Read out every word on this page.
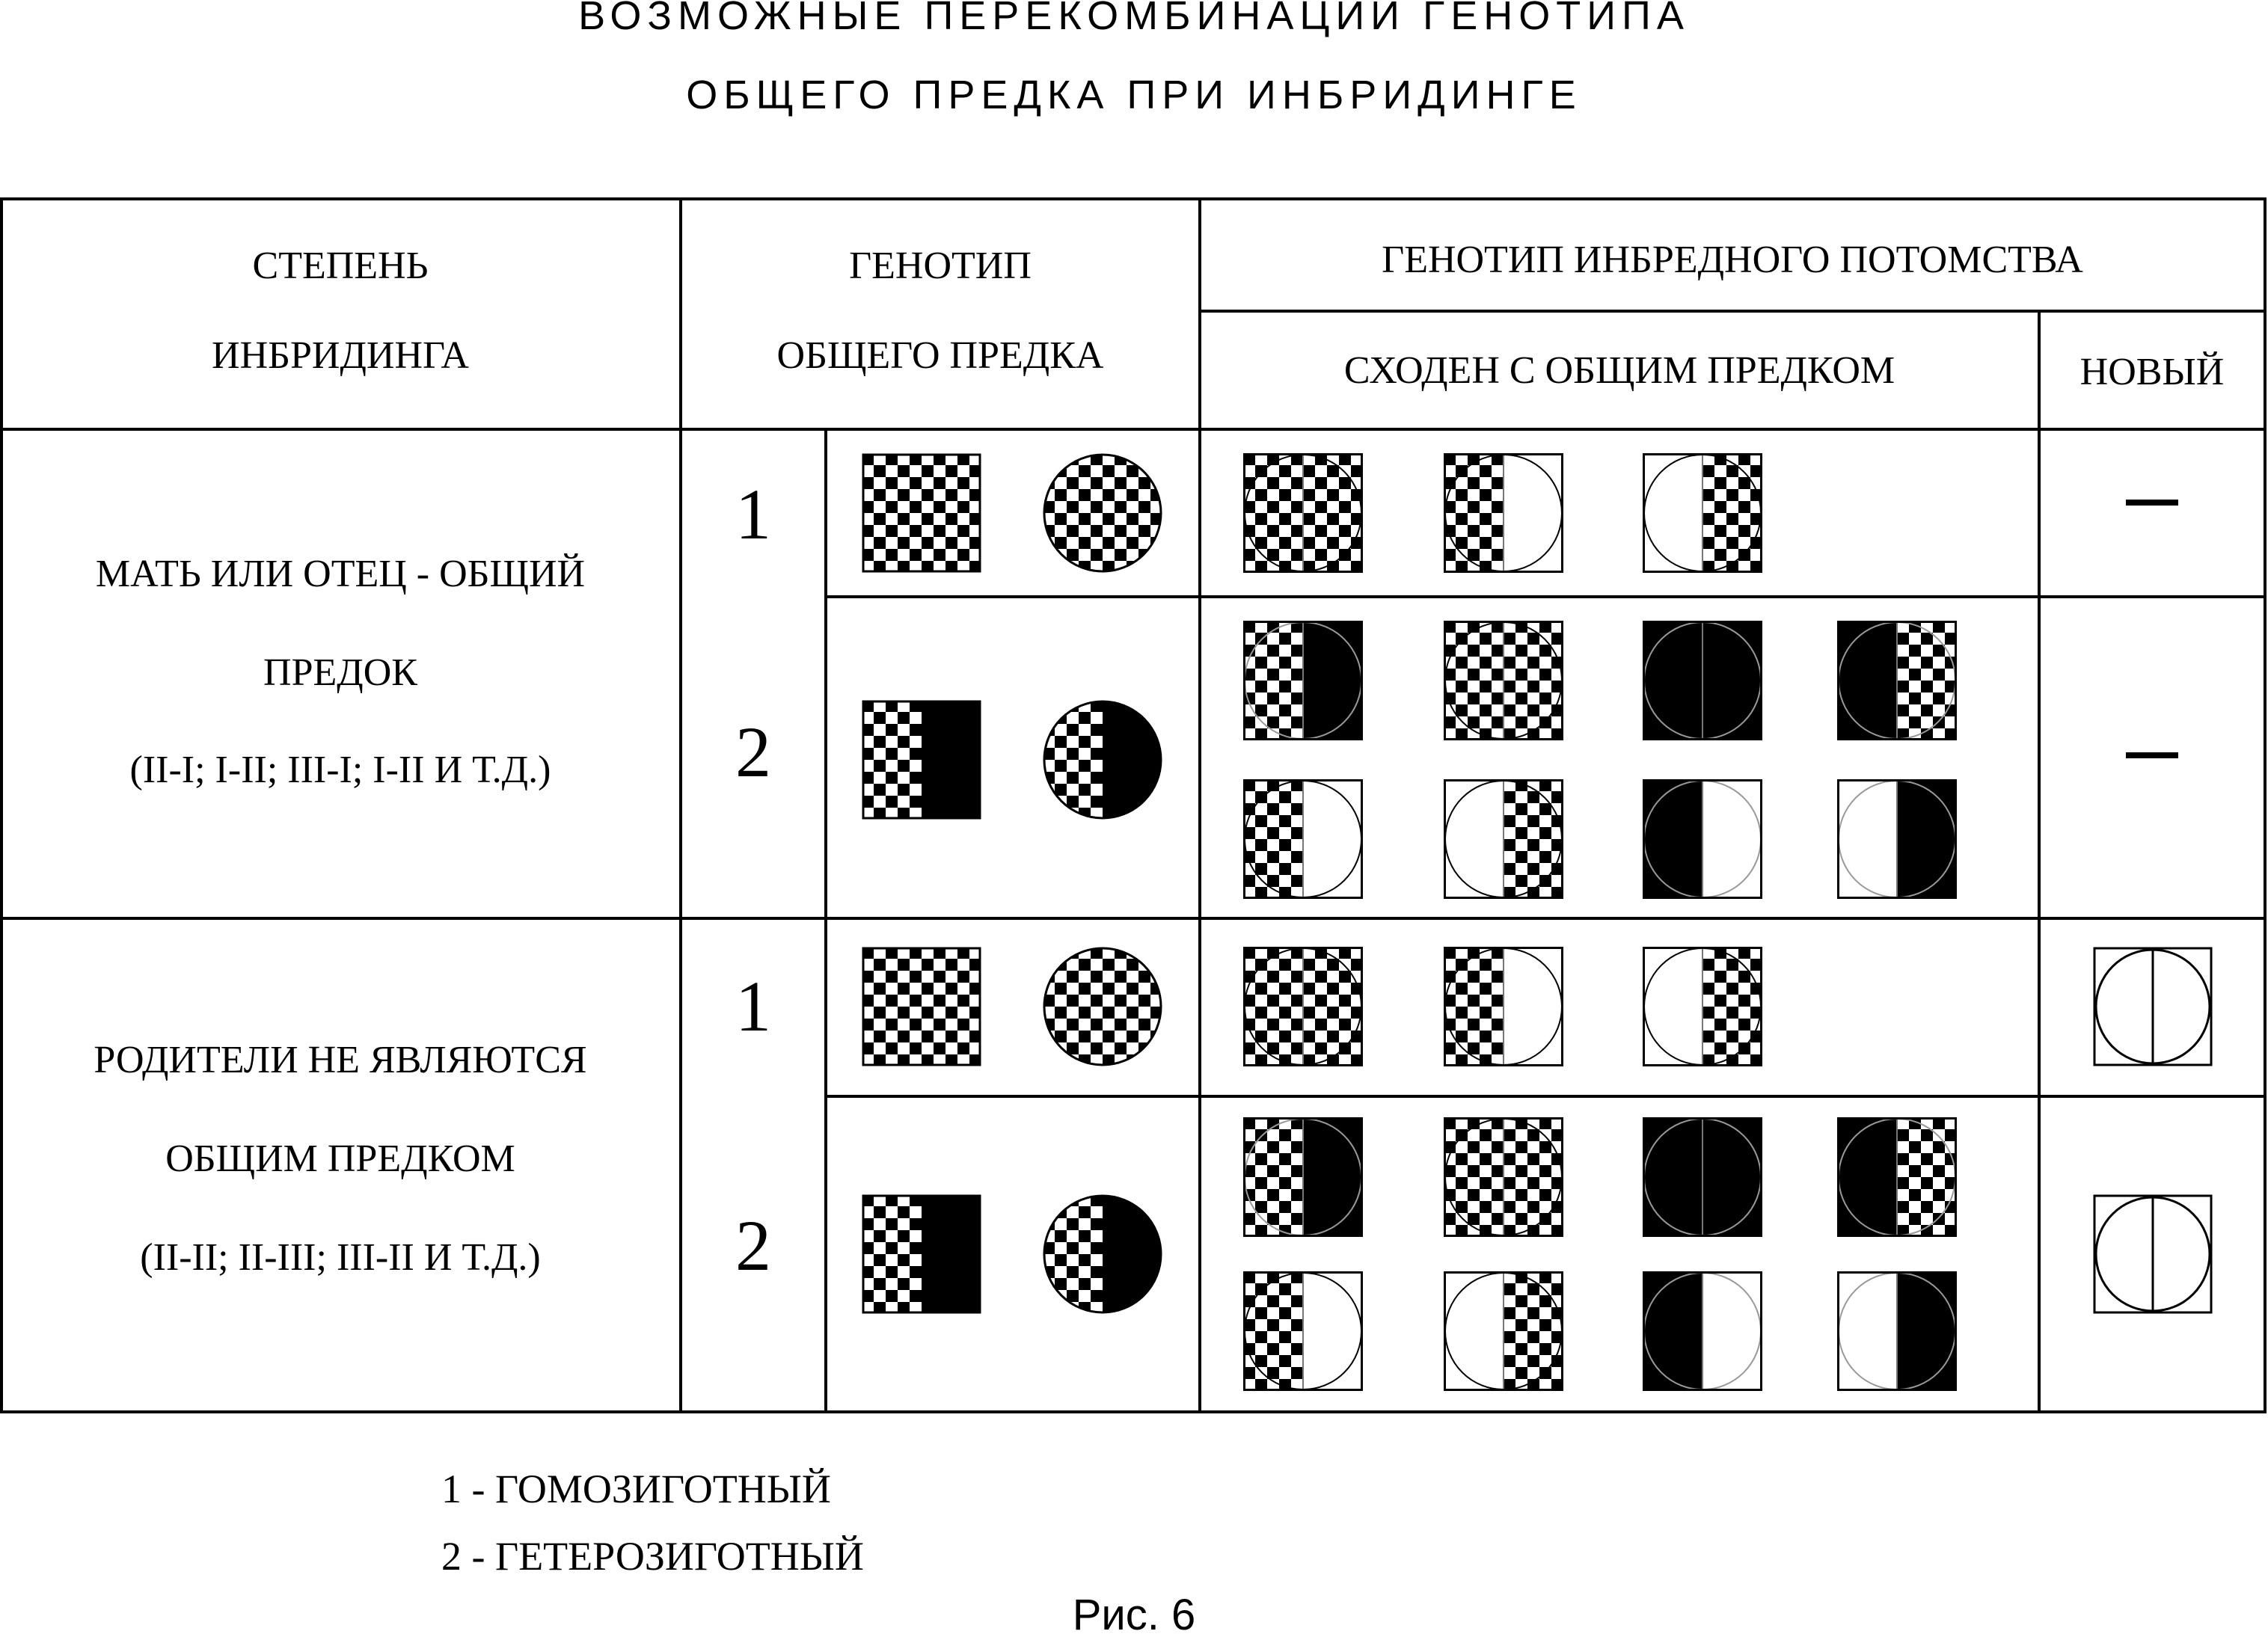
ВОЗМОЖНЫЕ ПЕРЕКОМБИНАЦИИ ГЕНОТИПА
ОБЩЕГО ПРЕДКА ПРИ ИНБРИДИНГЕ
СТЕПЕНЬ
ИНБРИДИНГА
ГЕНОТИП
ОБЩЕГО ПРЕДКА
ГЕНОТИП ИНБРЕДНОГО ПОТОМСТВА
СХОДЕН С ОБЩИМ ПРЕДКОМ	НОВЫЙ
МАТЬ ИЛИ ОТЕЦ - ОБЩИЙ
ПРЕДОК
(II-I; I-II; III-I; I-II И Т.Д.)
РОДИТЕЛИ НЕ ЯВЛЯЮТСЯ
ОБЩИМ ПРЕДКОМ
(II-II; II-III; III-II И Т.Д.)
1
2
1
2
1 - ГОМОЗИГОТНЫЙ
2 - ГЕТЕРОЗИГОТНЫЙ
Рис. 6
